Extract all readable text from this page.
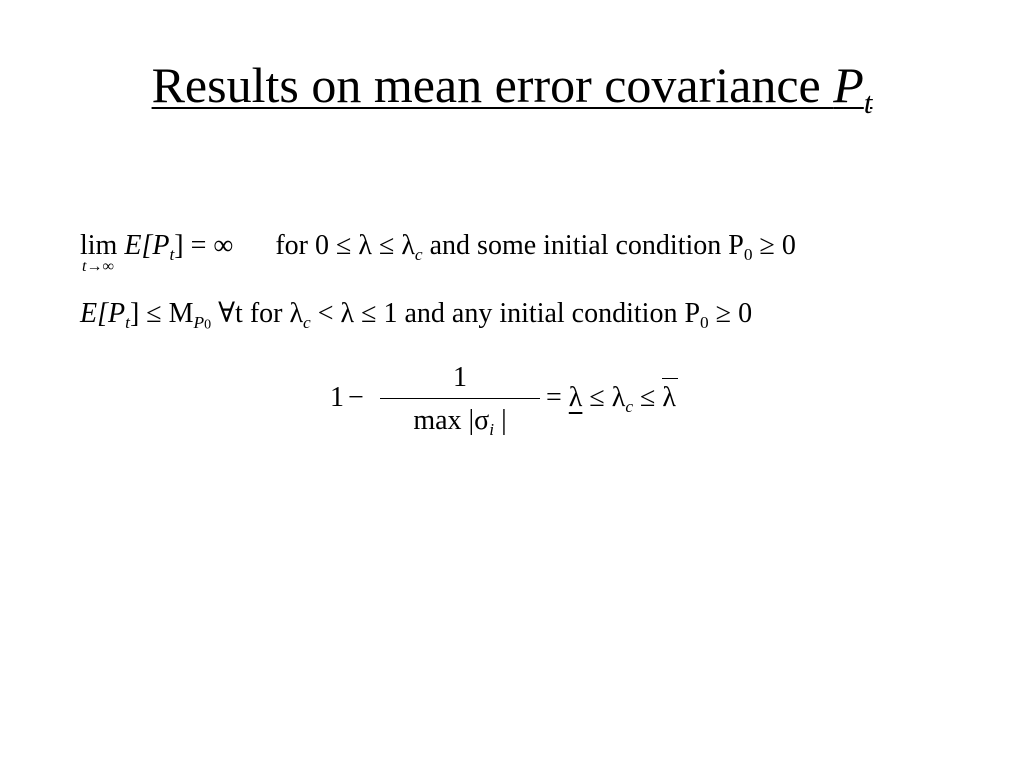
Results on mean error covariance $P_t$
lim
t→∞
$E[P_t]$ = ∞ for $0 \le \lambda \le \lambda_c$ and some initial condition $P_0 \ge 0$
$E[P_t] \le M_{P0}$ ∀t for $\lambda_c < \lambda \le 1$ and any initial condition $P_0 \ge 0$
1 −
1
$\max |\sigma_i$ |
= $\lambda \le \lambda_c \le \lambda$
